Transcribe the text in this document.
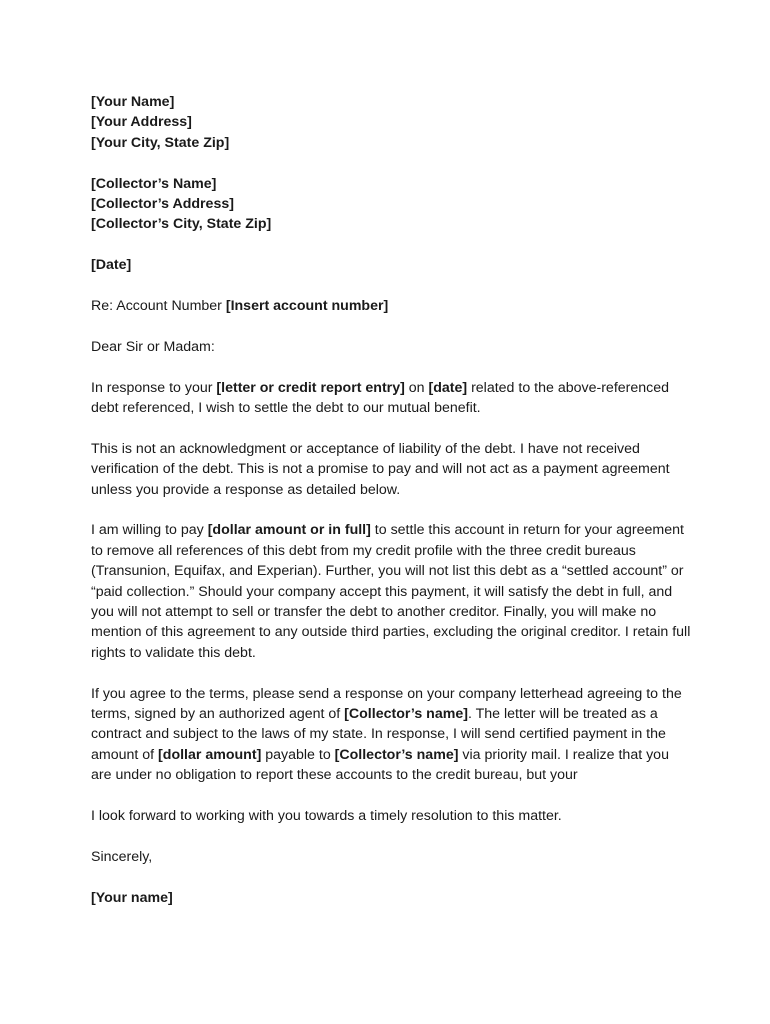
[Your Name]
[Your Address]
[Your City, State Zip]
[Collector’s Name]
[Collector’s Address]
[Collector’s City, State Zip]
[Date]

Re: Account Number [Insert account number]

Dear Sir or Madam:

In response to your [letter or credit report entry] on [date] related to the above-referenced debt referenced, I wish to settle the debt to our mutual benefit.

This is not an acknowledgment or acceptance of liability of the debt. I have not received verification of the debt. This is not a promise to pay and will not act as a payment agreement unless you provide a response as detailed below.

I am willing to pay [dollar amount or in full] to settle this account in return for your agreement to remove all references of this debt from my credit profile with the three credit bureaus (Transunion, Equifax, and Experian). Further, you will not list this debt as a “settled account” or “paid collection.” Should your company accept this payment, it will satisfy the debt in full, and you will not attempt to sell or transfer the debt to another creditor. Finally, you will make no mention of this agreement to any outside third parties, excluding the original creditor. I retain full rights to validate this debt.

If you agree to the terms, please send a response on your company letterhead agreeing to the terms, signed by an authorized agent of [Collector’s name]. The letter will be treated as a contract and subject to the laws of my state. In response, I will send certified payment in the amount of [dollar amount] payable to [Collector’s name] via priority mail. I realize that you are under no obligation to report these accounts to the credit bureau, but your

I look forward to working with you towards a timely resolution to this matter.

Sincerely,

[Your name]
